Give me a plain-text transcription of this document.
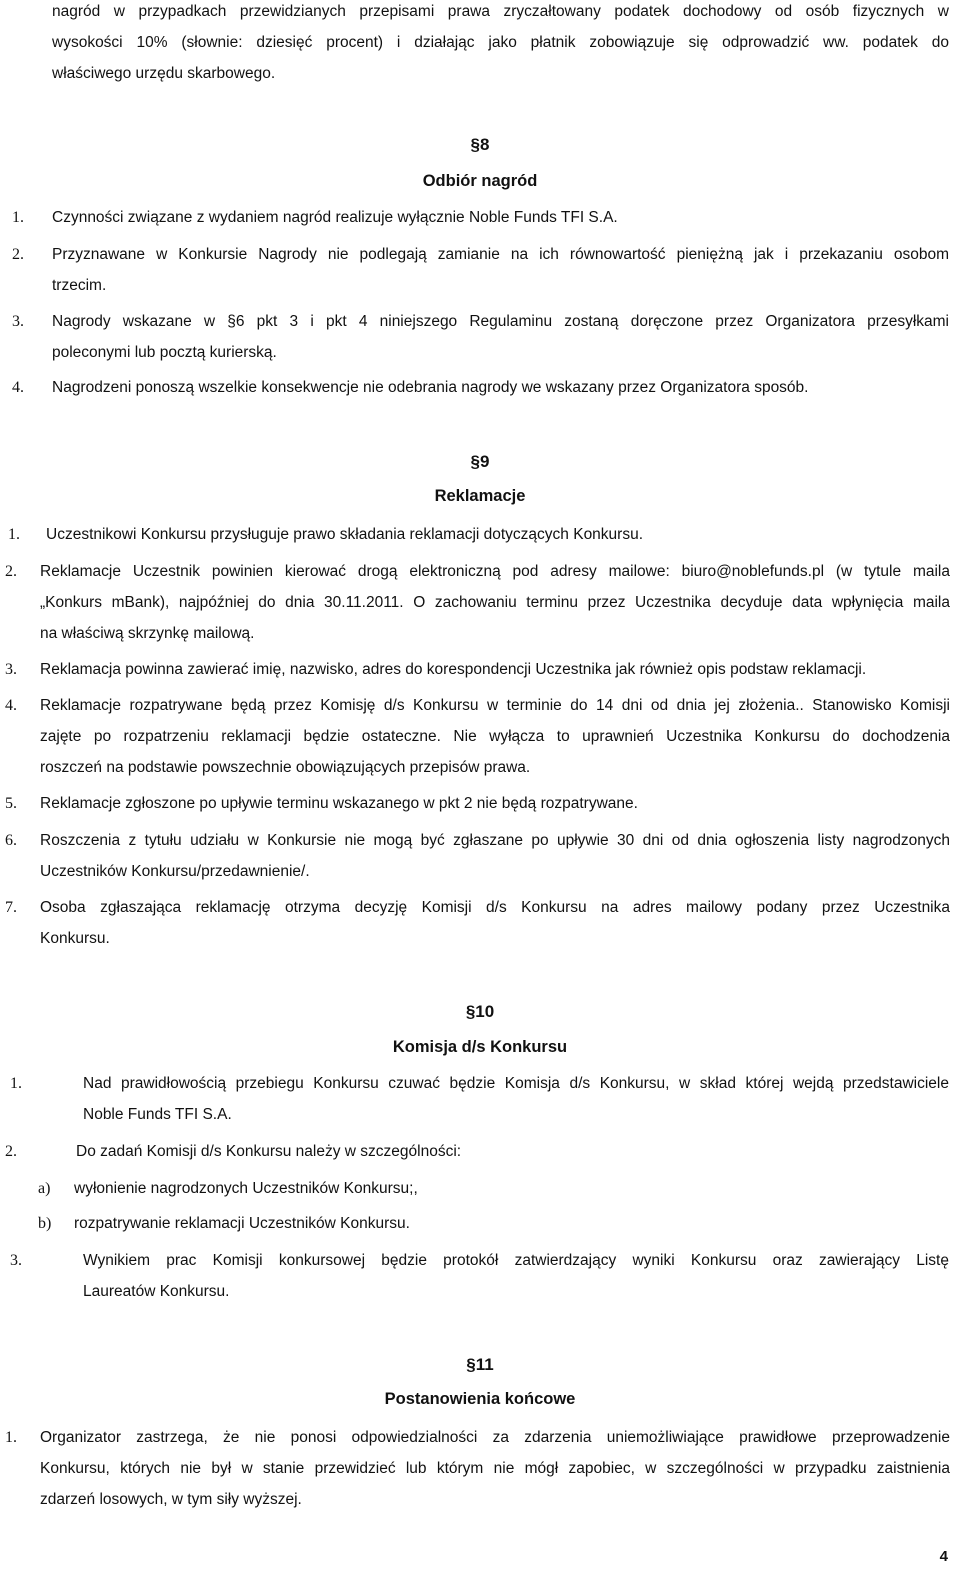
nagród w przypadkach przewidzianych przepisami prawa zryczałtowany podatek dochodowy od osób fizycznych w
wysokości 10% (słownie: dziesięć procent) i działając jako płatnik zobowiązuje się odprowadzić ww. podatek do
właściwego urzędu skarbowego.
§8
Odbiór nagród
1. Czynności związane z wydaniem nagród realizuje wyłącznie Noble Funds TFI S.A.
2. Przyznawane w Konkursie Nagrody nie podlegają zamianie na ich równowartość pieniężną jak i przekazaniu osobom
trzecim.
3. Nagrody wskazane w §6 pkt 3 i pkt 4 niniejszego Regulaminu zostaną doręczone przez Organizatora przesyłkami
poleconymi lub pocztą kurierską.
4. Nagrodzeni ponoszą wszelkie konsekwencje nie odebrania nagrody we wskazany przez Organizatora sposób.
§9
Reklamacje
1. Uczestnikowi Konkursu przysługuje prawo składania reklamacji dotyczących Konkursu.
2. Reklamacje Uczestnik powinien kierować drogą elektroniczną pod adresy mailowe: biuro@noblefunds.pl (w tytule maila
„Konkurs mBank), najpóźniej do dnia 30.11.2011. O zachowaniu terminu przez Uczestnika decyduje data wpłynięcia maila
na właściwą skrzynkę mailową.
3. Reklamacja powinna zawierać imię, nazwisko, adres do korespondencji Uczestnika jak również opis podstaw reklamacji.
4. Reklamacje rozpatrywane będą przez Komisję d/s Konkursu w terminie do 14 dni od dnia jej złożenia.. Stanowisko Komisji
zajęte po rozpatrzeniu reklamacji będzie ostateczne. Nie wyłącza to uprawnień Uczestnika Konkursu do dochodzenia
roszczeń na podstawie powszechnie obowiązujących przepisów prawa.
5. Reklamacje zgłoszone po upływie terminu wskazanego w pkt 2 nie będą rozpatrywane.
6. Roszczenia z tytułu udziału w Konkursie nie mogą być zgłaszane po upływie 30 dni od dnia ogłoszenia listy nagrodzonych
Uczestników Konkursu/przedawnienie/.
7. Osoba zgłaszająca reklamację otrzyma decyzję Komisji d/s Konkursu na adres mailowy podany przez Uczestnika
Konkursu.
§10
Komisja d/s Konkursu
1.	Nad prawidłowością przebiegu Konkursu czuwać będzie Komisja d/s Konkursu, w skład której wejdą przedstawiciele
Noble Funds TFI S.A.
2.	Do zadań Komisji d/s Konkursu należy w szczególności:
a) wyłonienie nagrodzonych Uczestników Konkursu;,
b) rozpatrywanie reklamacji Uczestników Konkursu.
3.	Wynikiem prac Komisji konkursowej będzie protokół zatwierdzający wyniki Konkursu oraz zawierający Listę
Laureatów Konkursu.
§11
Postanowienia końcowe
1. Organizator zastrzega, że nie ponosi odpowiedzialności za zdarzenia uniemożliwiające prawidłowe przeprowadzenie
Konkursu, których nie był w stanie przewidzieć lub którym nie mógł zapobiec, w szczególności w przypadku zaistnienia
zdarzeń losowych, w tym siły wyższej.
4
